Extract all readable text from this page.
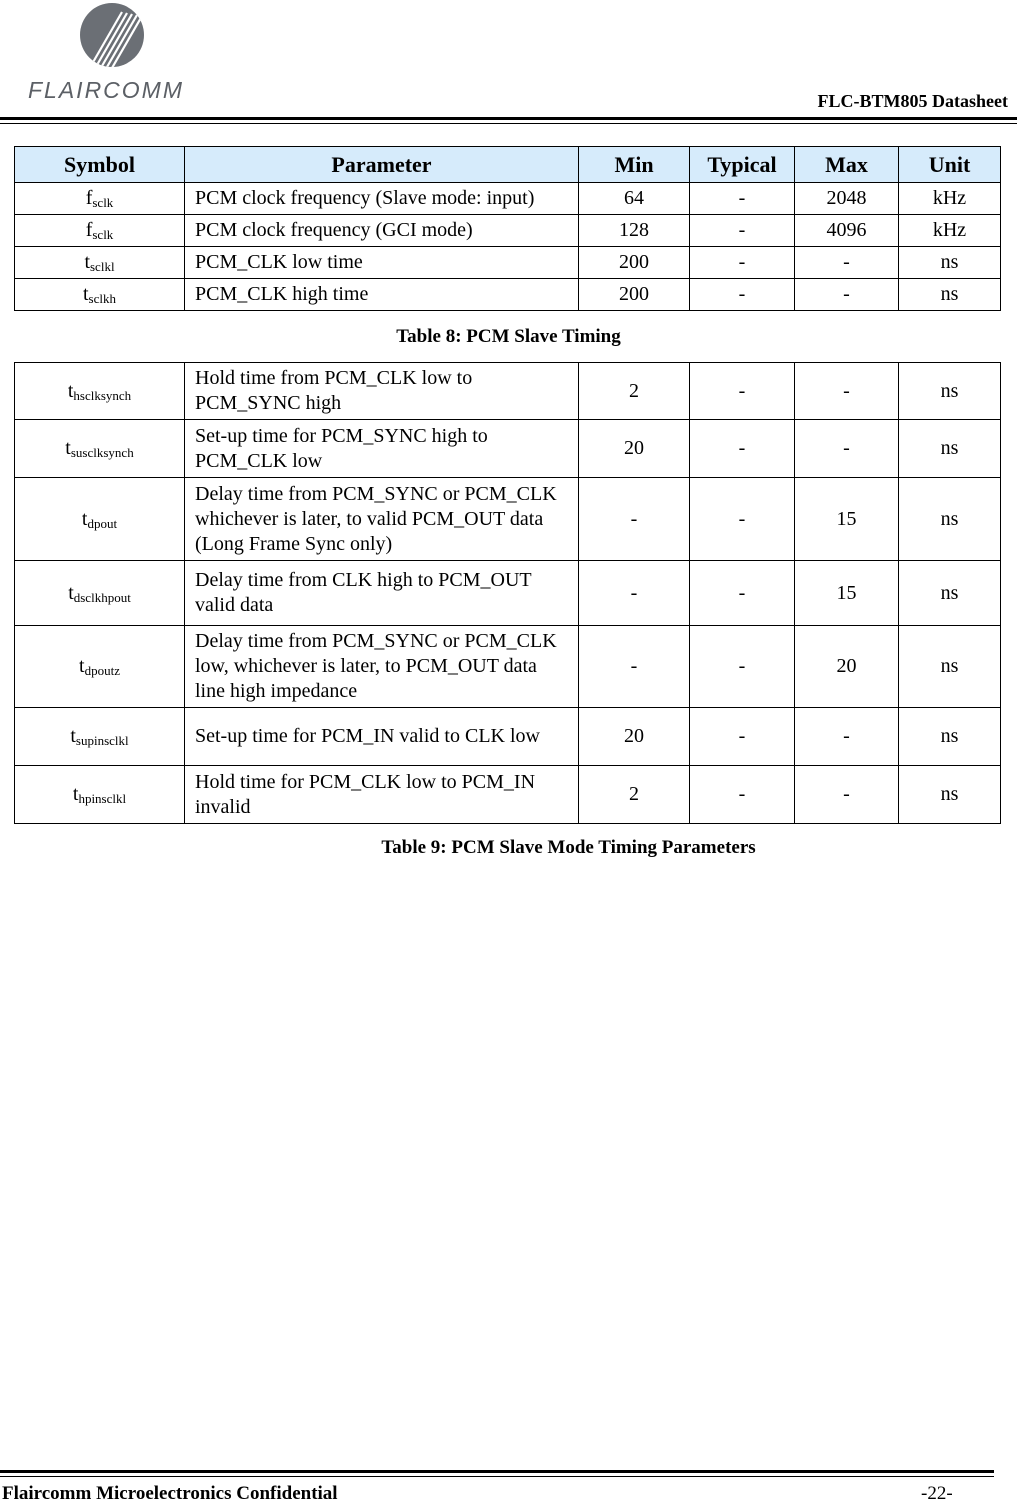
FLAIRCOMM	FLC-BTM805 Datasheet
Symbol	Parameter	Min	Typical	Max	Unit
fsclk	PCM clock frequency (Slave mode: input)	64	-	2048	kHz
fsclk	PCM clock frequency (GCI mode)	128	-	4096	kHz
tsclkl	PCM_CLK low time	200	-	-	ns
tsclkh	PCM_CLK high time	200	-	-	ns
Table 8: PCM Slave Timing
thsclksynch	Hold time from PCM_CLK low to PCM_SYNC high	2	-	-	ns
tsusclksynch	Set-up time for PCM_SYNC high to PCM_CLK low	20	-	-	ns
tdpout	Delay time from PCM_SYNC or PCM_CLK whichever is later, to valid PCM_OUT data (Long Frame Sync only)	-	-	15	ns
tdsclkhpout	Delay time from CLK high to PCM_OUT valid data	-	-	15	ns
tdpoutz	Delay time from PCM_SYNC or PCM_CLK low, whichever is later, to PCM_OUT data line high impedance	-	-	20	ns
tsupinsclkl	Set-up time for PCM_IN valid to CLK low	20	-	-	ns
thpinsclkl	Hold time for PCM_CLK low to PCM_IN invalid	2	-	-	ns
Table 9: PCM Slave Mode Timing Parameters
Flaircomm Microelectronics Confidential	-22-
